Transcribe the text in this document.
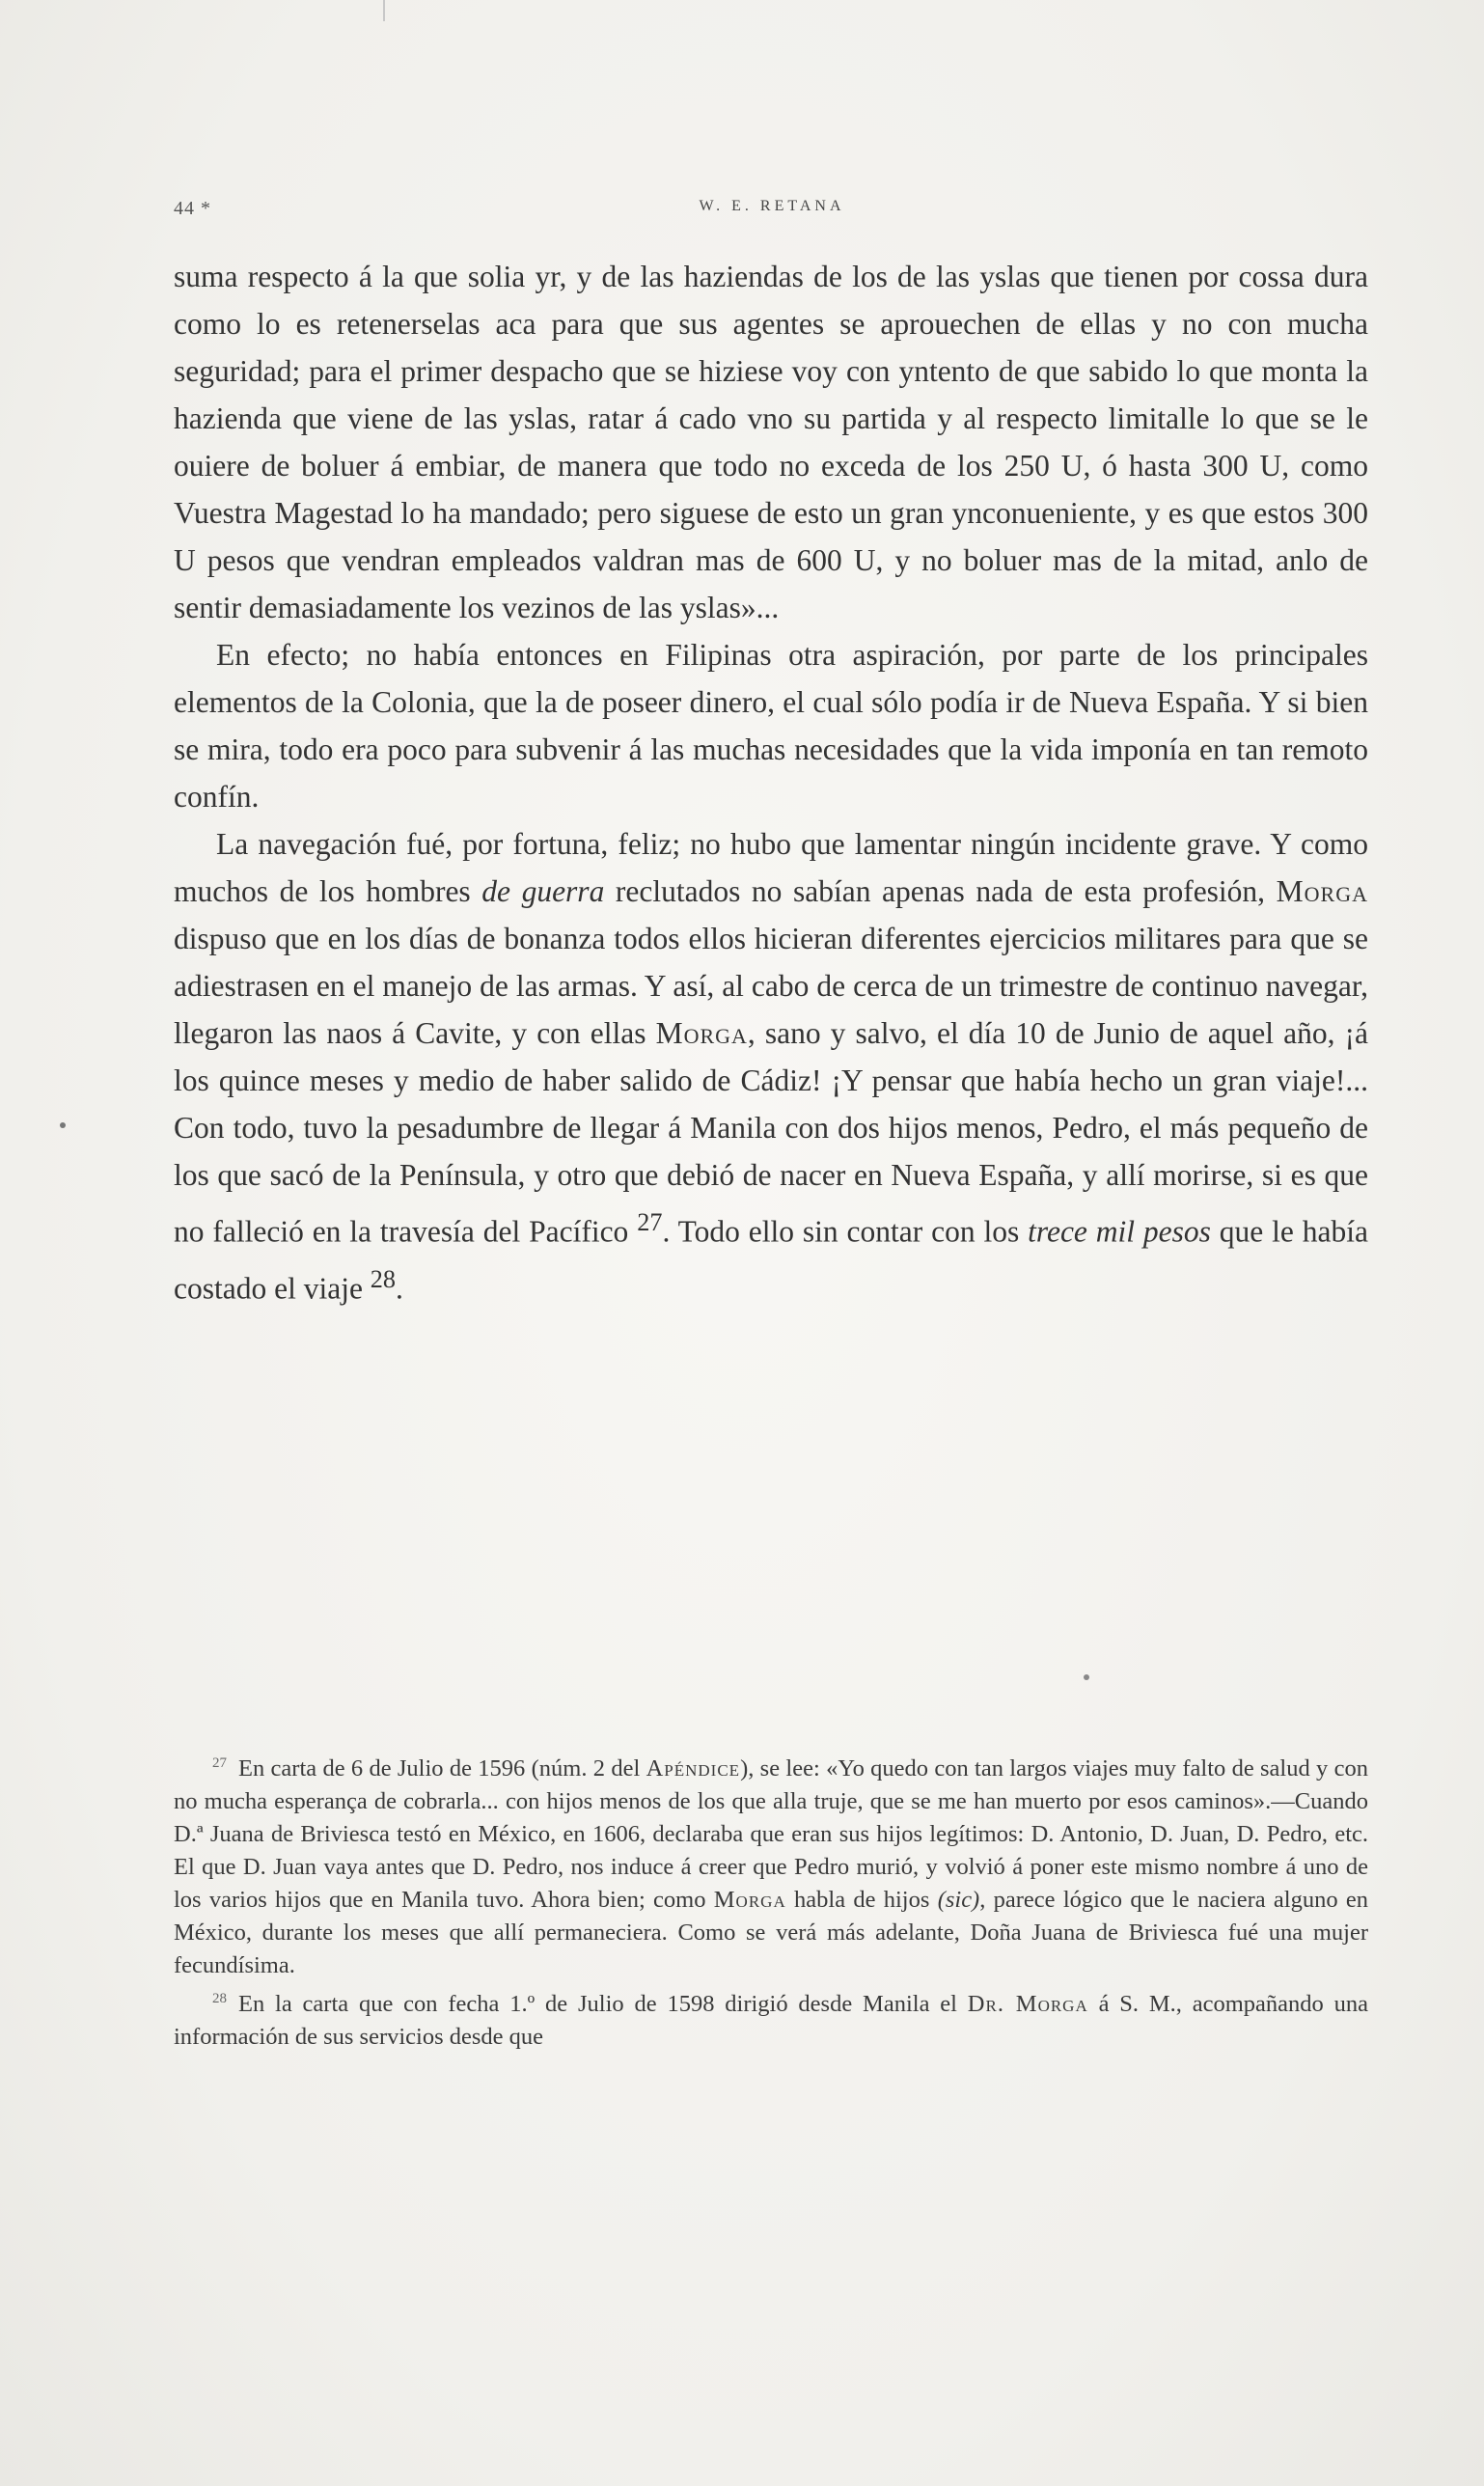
44 *	W. E. RETANA

suma respecto á la que solia yr, y de las haziendas de los de las yslas que tienen por cossa dura como lo es retenerselas aca para que sus agentes se aprouechen de ellas y no con mucha seguridad; para el primer despacho que se hiziese voy con yntento de que sabido lo que monta la hazienda que viene de las yslas, ratar á cado vno su partida y al respecto limitalle lo que se le ouiere de boluer á embiar, de manera que todo no exceda de los 250 U, ó hasta 300 U, como Vuestra Magestad lo ha mandado; pero siguese de esto un gran ynconueniente, y es que estos 300 U pesos que vendran empleados valdran mas de 600 U, y no boluer mas de la mitad, anlo de sentir demasiadamente los vezinos de las yslas»...

En efecto; no había entonces en Filipinas otra aspiración, por parte de los principales elementos de la Colonia, que la de poseer dinero, el cual sólo podía ir de Nueva España. Y si bien se mira, todo era poco para subvenir á las muchas necesidades que la vida imponía en tan remoto confín.

La navegación fué, por fortuna, feliz; no hubo que lamentar ningún incidente grave. Y como muchos de los hombres de guerra reclutados no sabían apenas nada de esta profesión, Morga dispuso que en los días de bonanza todos ellos hicieran diferentes ejercicios militares para que se adiestrasen en el manejo de las armas. Y así, al cabo de cerca de un trimestre de continuo navegar, llegaron las naos á Cavite, y con ellas Morga, sano y salvo, el día 10 de Junio de aquel año, ¡á los quince meses y medio de haber salido de Cádiz! ¡Y pensar que había hecho un gran viaje!... Con todo, tuvo la pesadumbre de llegar á Manila con dos hijos menos, Pedro, el más pequeño de los que sacó de la Península, y otro que debió de nacer en Nueva España, y allí morirse, si es que no falleció en la travesía del Pacífico $^{27}$. Todo ello sin contar con los trece mil pesos que le había costado el viaje $^{28}$.

$^{27}$ En carta de 6 de Julio de 1596 (núm. 2 del Apéndice), se lee: «Yo quedo con tan largos viajes muy falto de salud y con no mucha esperança de cobrarla... con hijos menos de los que alla truje, que se me han muerto por esos caminos».—Cuando D.ª Juana de Briviesca testó en México, en 1606, declaraba que eran sus hijos legítimos: D. Antonio, D. Juan, D. Pedro, etc. El que D. Juan vaya antes que D. Pedro, nos induce á creer que Pedro murió, y volvió á poner este mismo nombre á uno de los varios hijos que en Manila tuvo. Ahora bien; como Morga habla de hijos (sic), parece lógico que le naciera alguno en México, durante los meses que allí permaneciera. Como se verá más adelante, Doña Juana de Briviesca fué una mujer fecundísima.

$^{28}$ En la carta que con fecha 1.º de Julio de 1598 dirigió desde Manila el Dr. Morga á S. M., acompañando una información de sus servicios desde que
